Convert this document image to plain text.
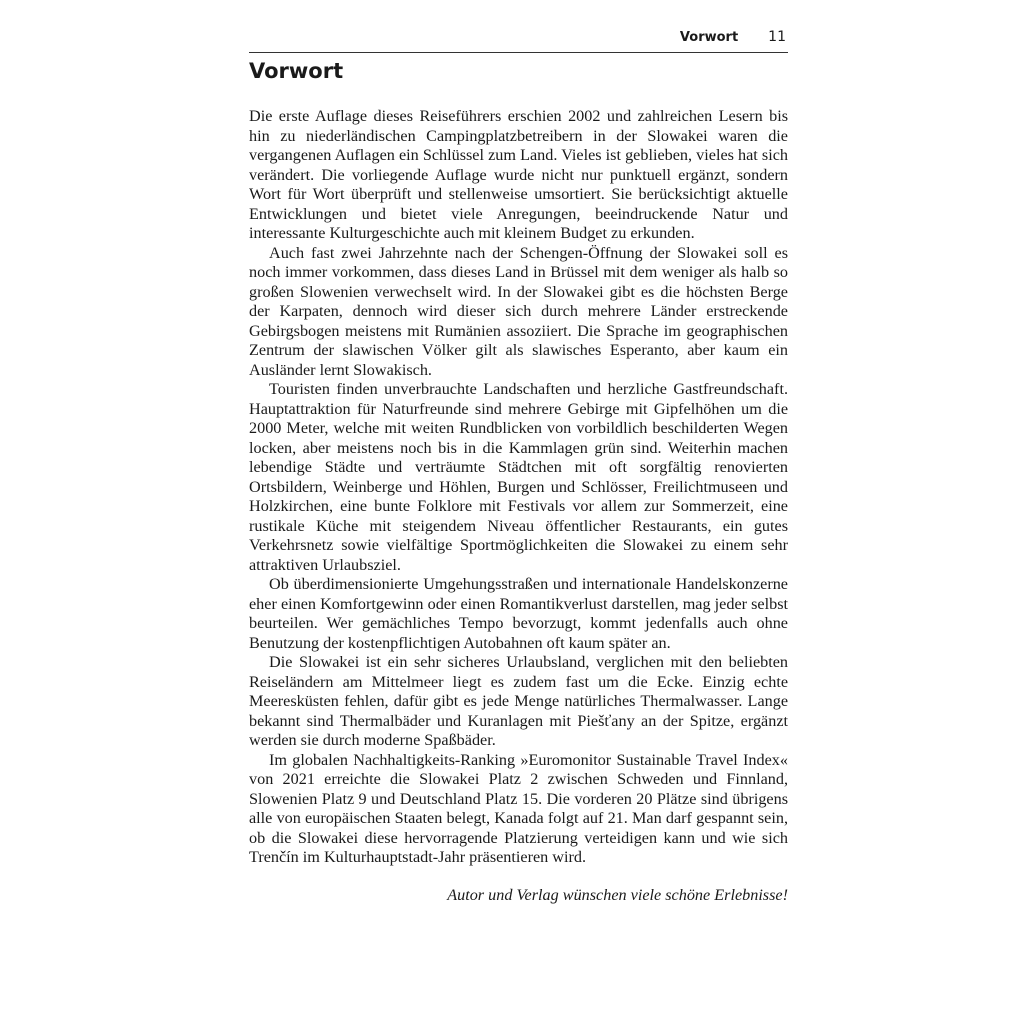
Vorwort 11
Vorwort

Die erste Auflage dieses Reiseführers erschien 2002 und zahlreichen Lesern bis hin zu niederländischen Campingplatzbetreibern in der Slowakei waren die vergangenen Auflagen ein Schlüssel zum Land. Vieles ist geblieben, vieles hat sich verändert. Die vorliegende Auflage wurde nicht nur punktuell ergänzt, sondern Wort für Wort überprüft und stellenweise umsortiert. Sie berücksichtigt aktuelle Entwicklungen und bietet viele Anregungen, beeindruckende Natur und interessante Kulturgeschichte auch mit kleinem Budget zu erkunden.

Auch fast zwei Jahrzehnte nach der Schengen-Öffnung der Slowakei soll es noch immer vorkommen, dass dieses Land in Brüssel mit dem weniger als halb so großen Slowenien verwechselt wird. In der Slowakei gibt es die höchsten Berge der Karpaten, dennoch wird dieser sich durch mehrere Länder erstreckende Gebirgsbogen meistens mit Rumänien assoziiert. Die Sprache im geographischen Zentrum der slawischen Völker gilt als slawisches Esperanto, aber kaum ein Ausländer lernt Slowakisch.

Touristen finden unverbrauchte Landschaften und herzliche Gastfreundschaft. Hauptattraktion für Naturfreunde sind mehrere Gebirge mit Gipfelhöhen um die 2000 Meter, welche mit weiten Rundblicken von vorbildlich beschilderten Wegen locken, aber meistens noch bis in die Kammlagen grün sind. Weiterhin machen lebendige Städte und verträumte Städtchen mit oft sorgfältig renovierten Ortsbildern, Weinberge und Höhlen, Burgen und Schlösser, Freilichtmuseen und Holzkirchen, eine bunte Folklore mit Festivals vor allem zur Sommerzeit, eine rustikale Küche mit steigendem Niveau öffentlicher Restaurants, ein gutes Verkehrsnetz sowie vielfältige Sportmöglichkeiten die Slowakei zu einem sehr attraktiven Urlaubsziel.

Ob überdimensionierte Umgehungsstraßen und internationale Handelskonzerne eher einen Komfortgewinn oder einen Romantikverlust darstellen, mag jeder selbst beurteilen. Wer gemächliches Tempo bevorzugt, kommt jedenfalls auch ohne Benutzung der kostenpflichtigen Autobahnen oft kaum später an.

Die Slowakei ist ein sehr sicheres Urlaubsland, verglichen mit den beliebten Reiseländern am Mittelmeer liegt es zudem fast um die Ecke. Einzig echte Meeresküsten fehlen, dafür gibt es jede Menge natürliches Thermalwasser. Lange bekannt sind Thermalbäder und Kuranlagen mit Piešťany an der Spitze, ergänzt werden sie durch moderne Spaßbäder.

Im globalen Nachhaltigkeits-Ranking »Euromonitor Sustainable Travel Index« von 2021 erreichte die Slowakei Platz 2 zwischen Schweden und Finnland, Slowenien Platz 9 und Deutschland Platz 15. Die vorderen 20 Plätze sind übrigens alle von europäischen Staaten belegt, Kanada folgt auf 21. Man darf gespannt sein, ob die Slowakei diese hervorragende Platzierung verteidigen kann und wie sich Trenčín im Kulturhauptstadt-Jahr präsentieren wird.

Autor und Verlag wünschen viele schöne Erlebnisse!
